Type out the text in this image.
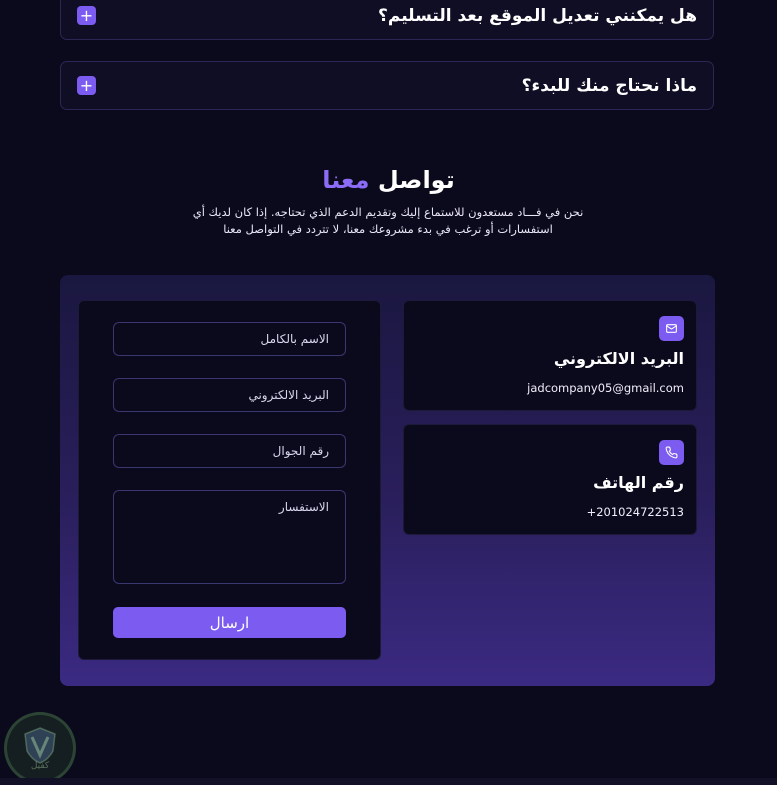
+	هل يمكنني تعديل الموقع بعد التسليم؟
+	ماذا نحتاج منك للبدء؟
تواصل معنا
نحن في فـــاد مستعدون للاستماع إليك وتقديم الدعم الذي تحتاجه. إذا كان لديك أي استفسارات أو ترغب في بدء مشروعك معنا، لا تتردد في التواصل معنا
الاسم بالكامل
البريد الالكتروني
رقم الجوال
الاستفسار
ارسال
البريد الالكتروني
jadcompany05@gmail.com
رقم الهاتف
+201024722513
كفيل
